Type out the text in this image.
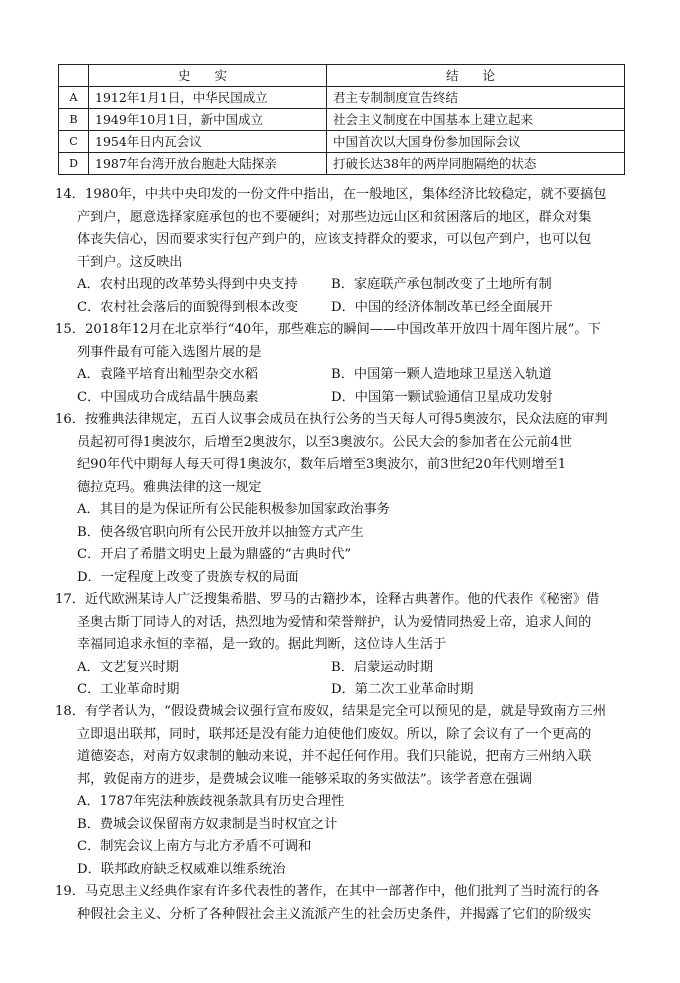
	史 实	结 论
A	1912年1月1日，中华民国成立	君主专制制度宣告终结
B	1949年10月1日，新中国成立	社会主义制度在中国基本上建立起来
C	1954年日内瓦会议	中国首次以大国身份参加国际会议
D	1987年台湾开放台胞赴大陆探亲	打破长达38年的两岸同胞隔绝的状态
14．1980年，中共中央印发的一份文件中指出，在一般地区，集体经济比较稳定，就不要搞包
产到户，愿意选择家庭承包的也不要硬纠；对那些边远山区和贫困落后的地区，群众对集
体丧失信心，因而要求实行包产到户的，应该支持群众的要求，可以包产到户，也可以包
干到户。这反映出
A．农村出现的改革势头得到中央支持	B．家庭联产承包制改变了土地所有制
C．农村社会落后的面貌得到根本改变 D．中国的经济体制改革已经全面展开
15．2018年12月在北京举行“40年，那些难忘的瞬间——中国改革开放四十周年图片展”。下
列事件最有可能入选图片展的是
A．袁隆平培育出籼型杂交水稻	B．中国第一颗人造地球卫星送入轨道
C．中国成功合成结晶牛胰岛素	D．中国第一颗试验通信卫星成功发射
16．按雅典法律规定，五百人议事会成员在执行公务的当天每人可得5奥波尔，民众法庭的审判
员起初可得1奥波尔，后增至2奥波尔，以至3奥波尔。公民大会的参加者在公元前4世
纪90年代中期每人每天可得1奥波尔，数年后增至3奥波尔，前3世纪20年代则增至1
德拉克玛。雅典法律的这一规定
A．其目的是为保证所有公民能积极参加国家政治事务
B．使各级官职向所有公民开放并以抽签方式产生
C．开启了希腊文明史上最为鼎盛的“古典时代”
D．一定程度上改变了贵族专权的局面
17．近代欧洲某诗人广泛搜集希腊、罗马的古籍抄本，诠释古典著作。他的代表作《秘密》借
圣奥古斯丁同诗人的对话，热烈地为爱情和荣誉辩护，认为爱情同热爱上帝，追求人间的
幸福同追求永恒的幸福，是一致的。据此判断，这位诗人生活于
A．文艺复兴时期	B．启蒙运动时期
C．工业革命时期	D．第二次工业革命时期
18．有学者认为，“假设费城会议强行宣布废奴，结果是完全可以预见的是，就是导致南方三州
立即退出联邦，同时，联邦还是没有能力迫使他们废奴。所以，除了会议有了一个更高的
道德姿态，对南方奴隶制的触动来说，并不起任何作用。我们只能说，把南方三州纳入联
邦，敦促南方的进步，是费城会议唯一能够采取的务实做法”。该学者意在强调
A．1787年宪法种族歧视条款具有历史合理性
B．费城会议保留南方奴隶制是当时权宜之计
C．制宪会议上南方与北方矛盾不可调和
D．联邦政府缺乏权威难以维系统治
19．马克思主义经典作家有许多代表性的著作，在其中一部著作中，他们批判了当时流行的各
种假社会主义、分析了各种假社会主义流派产生的社会历史条件，并揭露了它们的阶级实
